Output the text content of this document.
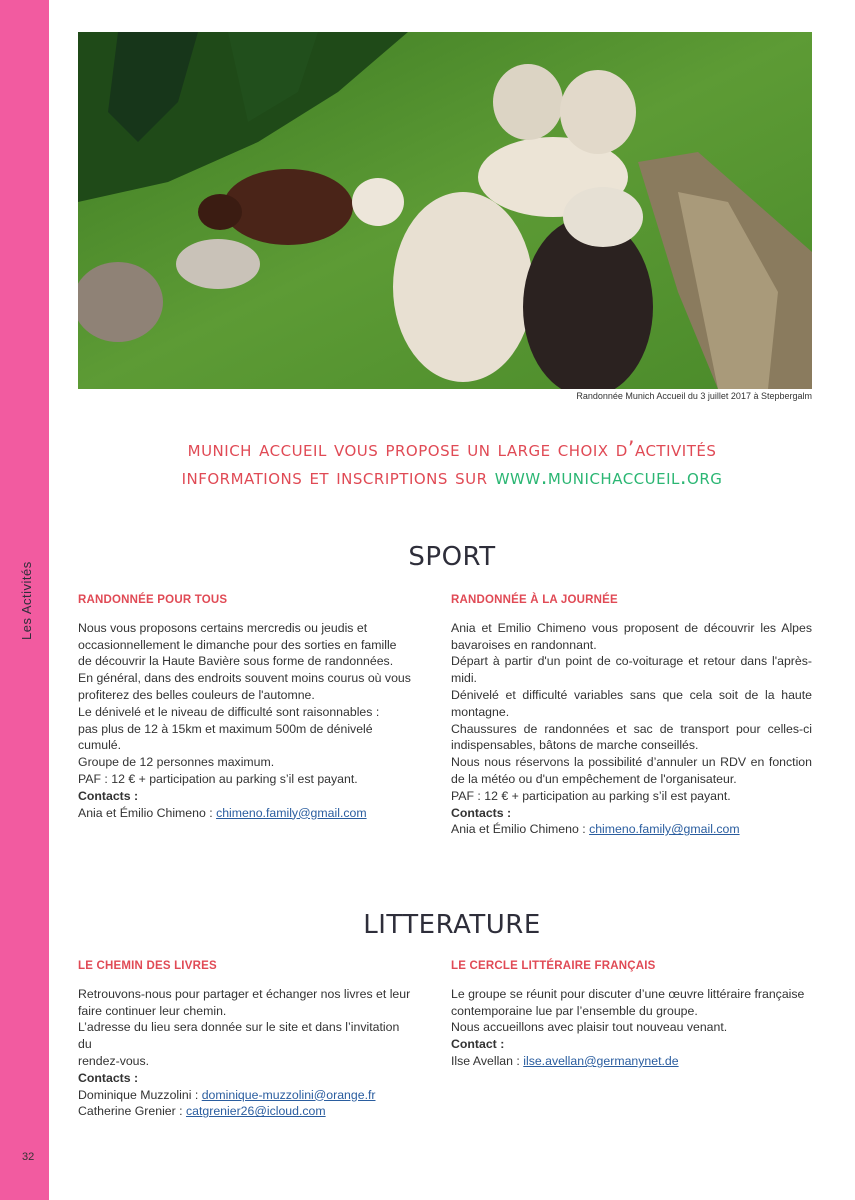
Les Activités
32
Randonnée Munich Accueil du 3 juillet 2017 à Stepbergalm
munich accueil vous propose un large choix d’activités
informations et inscriptions sur www.munichaccueil.org
SPORT
RANDONNÉE POUR TOUS

Nous vous proposons certains mercredis ou jeudis et

occasionnellement le dimanche pour des sorties en famille

de découvrir la Haute Bavière sous forme de randonnées.

En général, dans des endroits souvent moins courus où vous

profiterez des belles couleurs de l'automne.

Le dénivelé et le niveau de difficulté sont raisonnables :

pas plus de 12 à 15km et maximum 500m de dénivelé cumulé.

Groupe de 12 personnes maximum.

PAF : 12 € + participation au parking s’il est payant.

Contacts :

Ania et Émilio Chimeno : chimeno.family@gmail.com

RANDONNÉE À LA JOURNÉE

Ania et Emilio Chimeno vous proposent de découvrir les Alpes bavaroises en randonnant.

Départ à partir d'un point de co-voiturage et retour dans l'après-midi.

Dénivelé et difficulté variables sans que cela soit de la haute montagne.

Chaussures de randonnées et sac de transport pour celles-ci indispensables, bâtons de marche conseillés.

Nous nous réservons la possibilité d’annuler un RDV en fonction de la météo ou d'un empêchement de l'organisateur.

PAF : 12 € + participation au parking s’il est payant.

Contacts :

Ania et Émilio Chimeno : chimeno.family@gmail.com

LITTERATURE
LE CHEMIN DES LIVRES

Retrouvons-nous pour partager et échanger nos livres et leur

faire continuer leur chemin.

L’adresse du lieu sera donnée sur le site et dans l’invitation du

rendez-vous.

Contacts :

Dominique Muzzolini : dominique-muzzolini@orange.fr

Catherine Grenier : catgrenier26@icloud.com

LE CERCLE LITTÉRAIRE FRANÇAIS

Le groupe se réunit pour discuter d’une œuvre littéraire française

contemporaine lue par l’ensemble du groupe.

Nous accueillons avec plaisir tout nouveau venant.

Contact :

Ilse Avellan : ilse.avellan@germanynet.de
